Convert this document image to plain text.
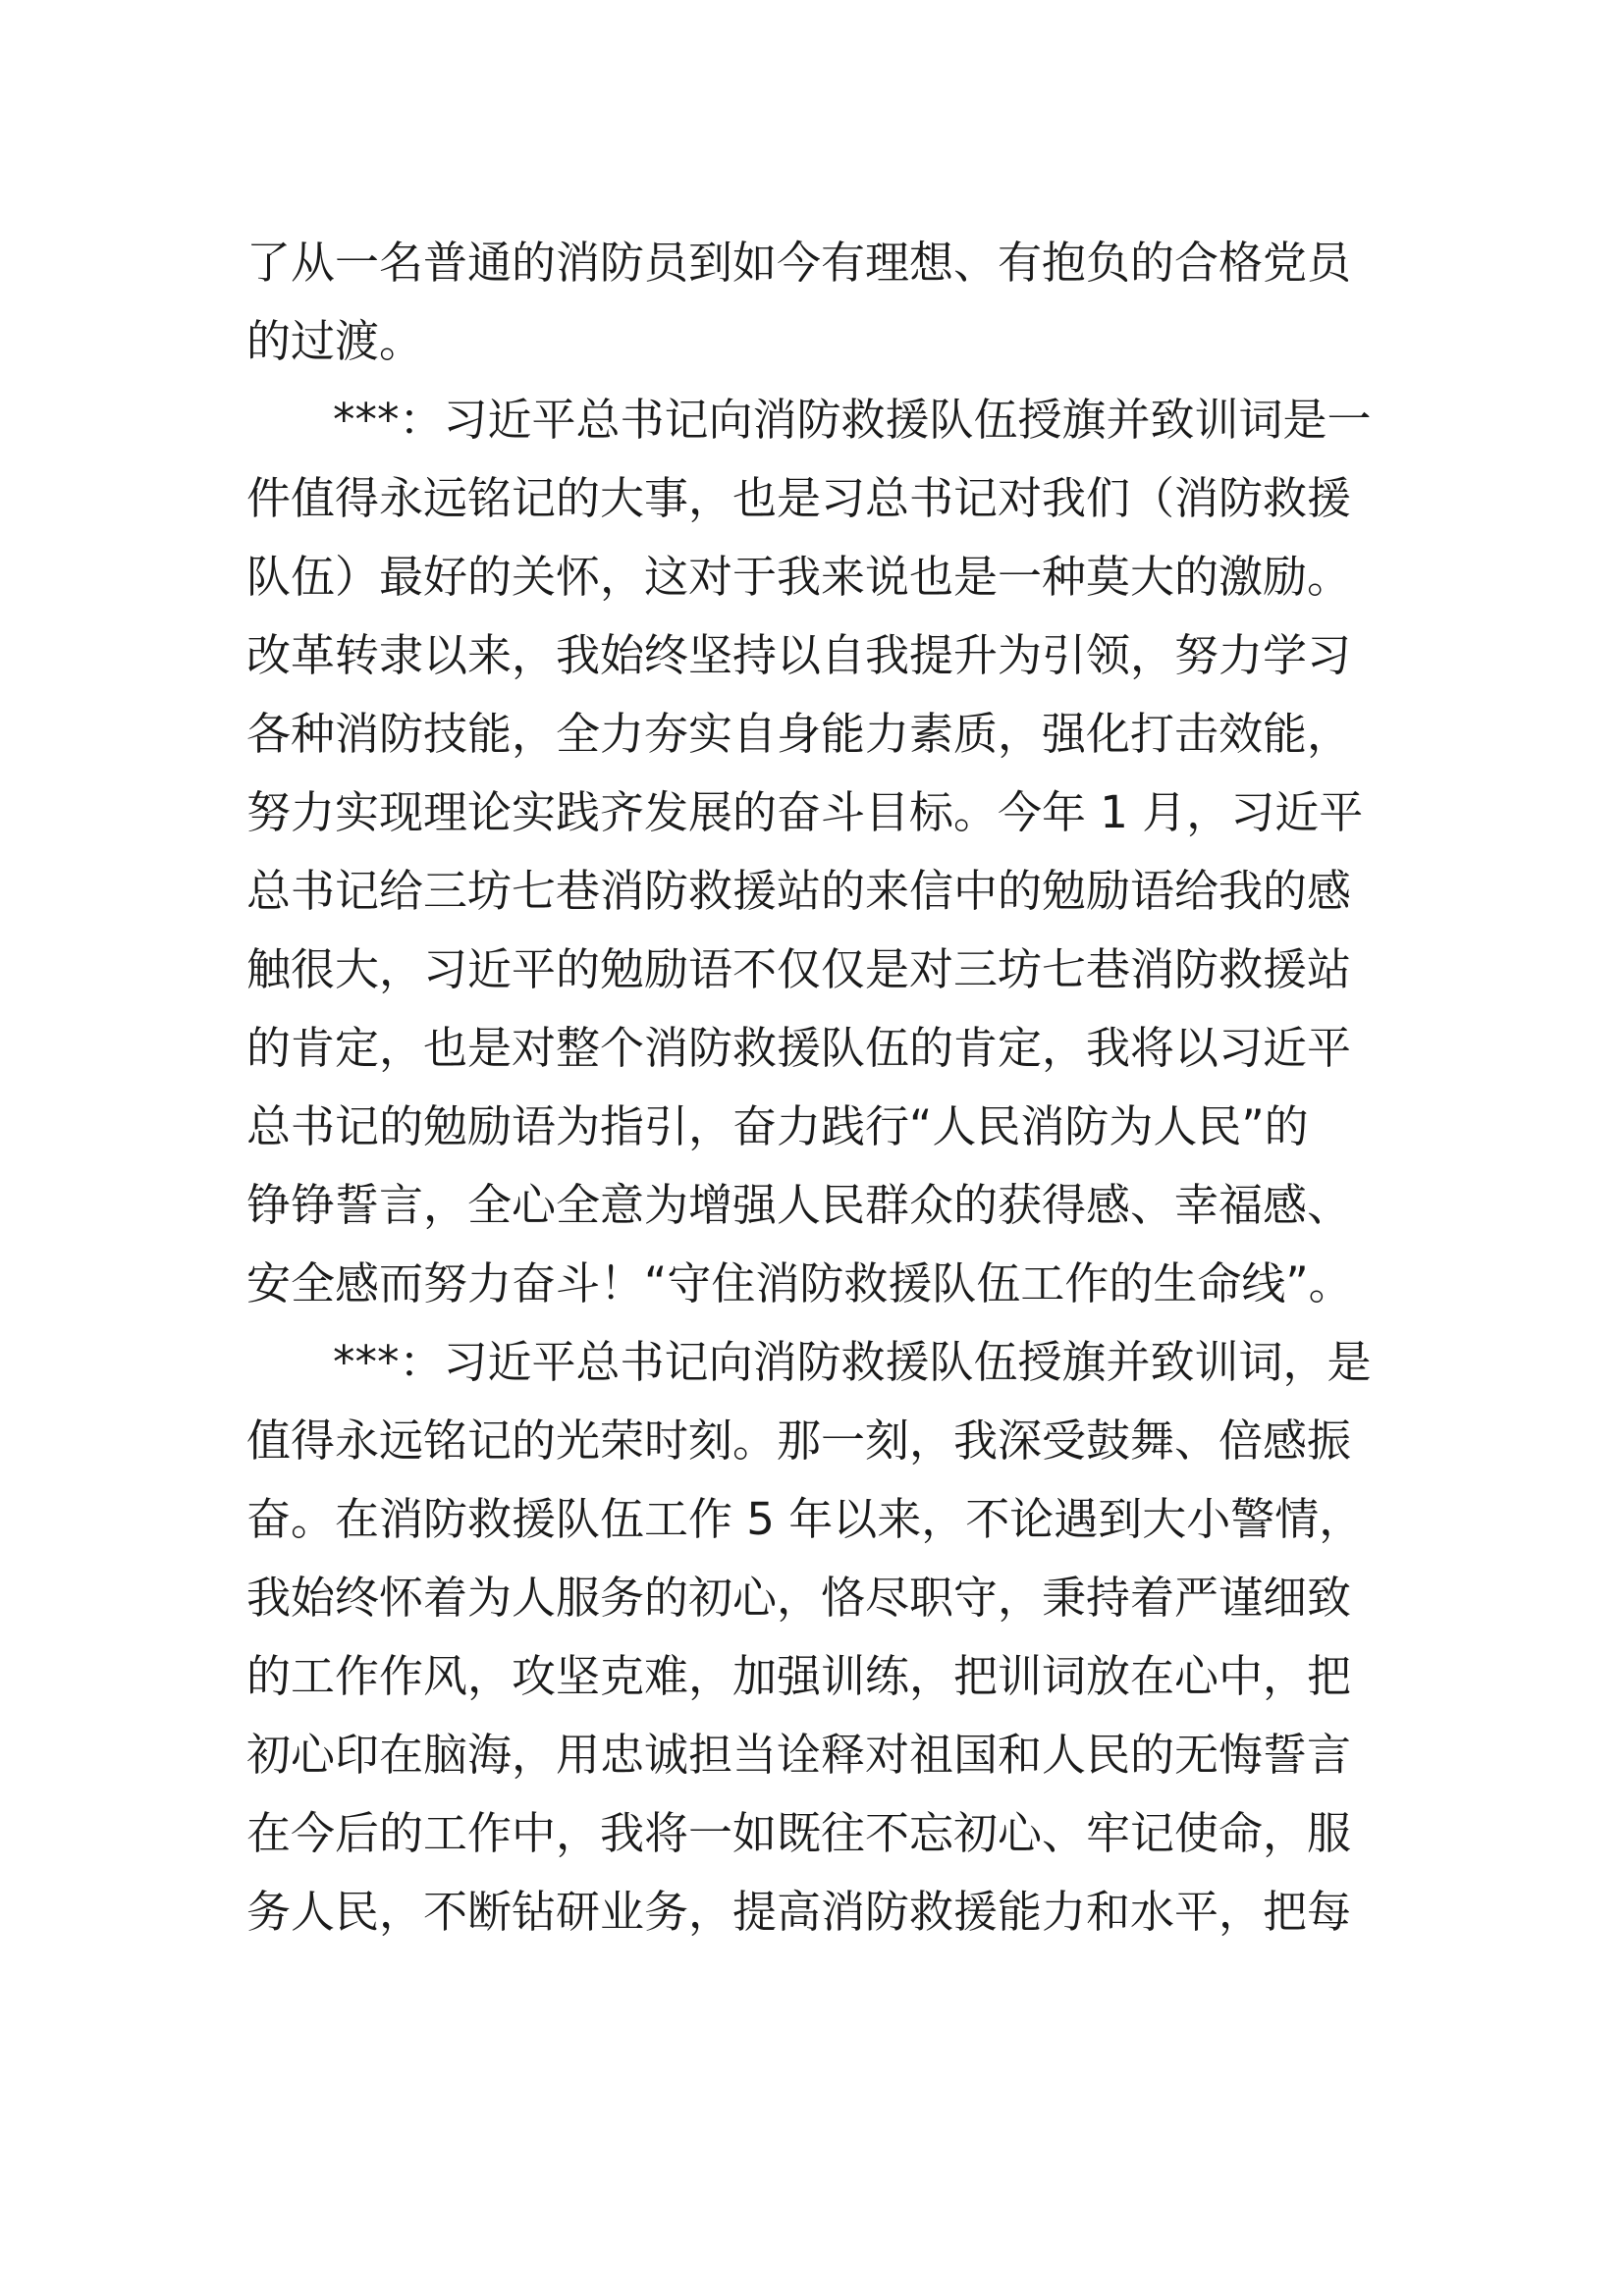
了从一名普通的消防员到如今有理想、有抱负的合格党员
的过渡。
***：习近平总书记向消防救援队伍授旗并致训词是一
件值得永远铭记的大事，也是习总书记对我们（消防救援
队伍）最好的关怀，这对于我来说也是一种莫大的激励。
改革转隶以来，我始终坚持以自我提升为引领，努力学习
各种消防技能，全力夯实自身能力素质，强化打击效能，
努力实现理论实践齐发展的奋斗目标。今年 1 月，习近平
总书记给三坊七巷消防救援站的来信中的勉励语给我的感
触很大，习近平的勉励语不仅仅是对三坊七巷消防救援站
的肯定，也是对整个消防救援队伍的肯定，我将以习近平
总书记的勉励语为指引，奋力践行“人民消防为人民”的
铮铮誓言，全心全意为增强人民群众的获得感、幸福感、
安全感而努力奋斗！“守住消防救援队伍工作的生命线”。
***：习近平总书记向消防救援队伍授旗并致训词，是
值得永远铭记的光荣时刻。那一刻，我深受鼓舞、倍感振
奋。在消防救援队伍工作 5 年以来，不论遇到大小警情，
我始终怀着为人服务的初心，恪尽职守，秉持着严谨细致
的工作作风，攻坚克难，加强训练，把训词放在心中，把
初心印在脑海，用忠诚担当诠释对祖国和人民的无悔誓言
在今后的工作中，我将一如既往不忘初心、牢记使命，服
务人民，不断钻研业务，提高消防救援能力和水平，把每
